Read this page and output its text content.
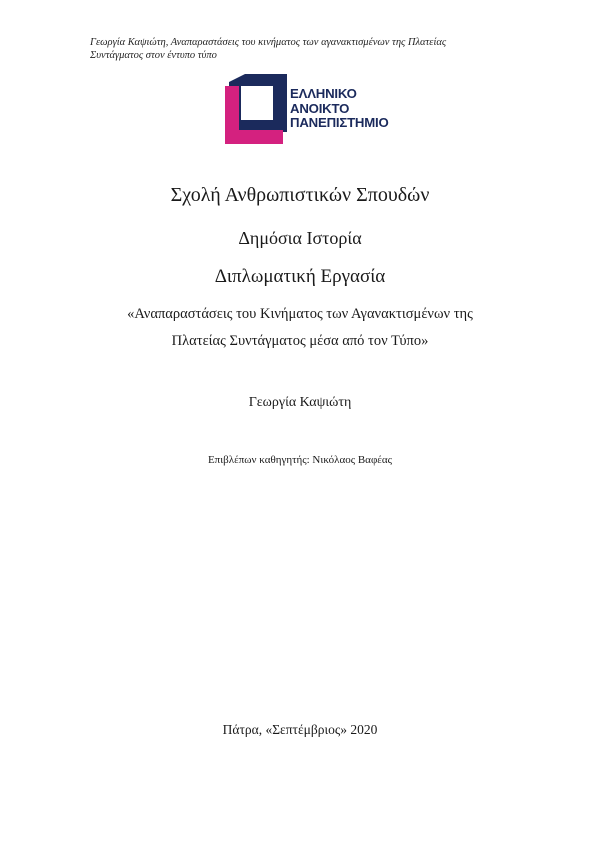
Γεωργία Καψιώτη, Αναπαραστάσεις του κινήματος των αγανακτισμένων της Πλατείας
Συντάγματος στον έντυπο τύπο
ΕΛΛΗΝΙΚΟ
ΑΝΟΙΚΤΟ
ΠΑΝΕΠΙΣΤΗΜΙΟ
Σχολή Ανθρωπιστικών Σπουδών
Δημόσια Ιστορία
Διπλωματική Εργασία
«Αναπαραστάσεις του Κινήματος των Αγανακτισμένων της
Πλατείας Συντάγματος μέσα από τον Τύπο»
Γεωργία Καψιώτη
Επιβλέπων καθηγητής: Νικόλαος Βαφέας
Πάτρα, «Σεπτέμβριος» 2020
